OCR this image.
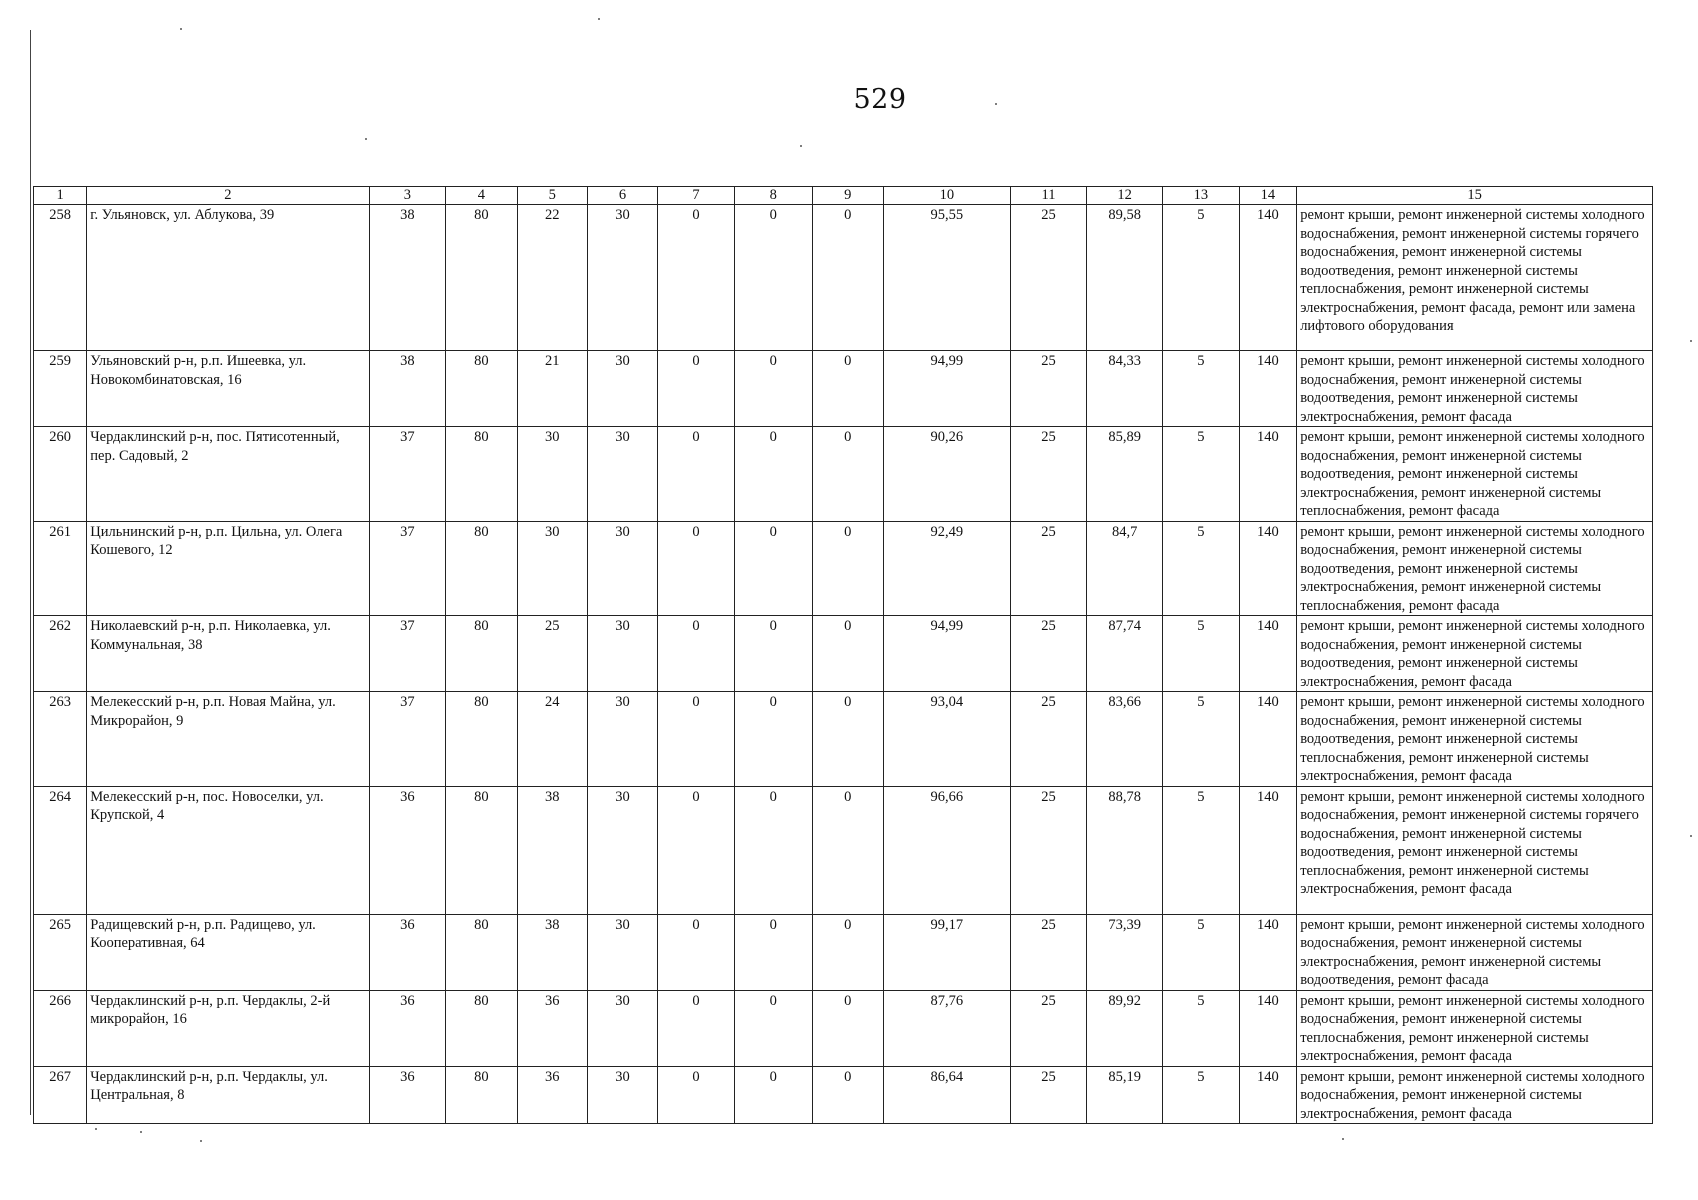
529
1	2	3	4	5	6	7	8	9	10	11	12	13	14	15
258	г. Ульяновск, ул. Аблукова, 39	38	80	22	30	0	0	0	95,55	25	89,58	5	140	ремонт крыши, ремонт инженерной системы холодного водоснабжения, ремонт инженерной системы горячего водоснабжения, ремонт инженерной системы водоотведения, ремонт инженерной системы теплоснабжения, ремонт инженерной системы электроснабжения, ремонт фасада, ремонт или замена лифтового оборудования
259	Ульяновский р-н, р.п. Ишеевка, ул. Новокомбинатовская, 16	38	80	21	30	0	0	0	94,99	25	84,33	5	140	ремонт крыши, ремонт инженерной системы холодного водоснабжения, ремонт инженерной системы водоотведения, ремонт инженерной системы электроснабжения, ремонт фасада
260	Чердаклинский р-н, пос. Пятисотенный, пер. Садовый, 2	37	80	30	30	0	0	0	90,26	25	85,89	5	140	ремонт крыши, ремонт инженерной системы холодного водоснабжения, ремонт инженерной системы водоотведения, ремонт инженерной системы электроснабжения, ремонт инженерной системы теплоснабжения, ремонт фасада
261	Цильнинский р-н, р.п. Цильна, ул. Олега Кошевого, 12	37	80	30	30	0	0	0	92,49	25	84,7	5	140	ремонт крыши, ремонт инженерной системы холодного водоснабжения, ремонт инженерной системы водоотведения, ремонт инженерной системы электроснабжения, ремонт инженерной системы теплоснабжения, ремонт фасада
262	Николаевский р-н, р.п. Николаевка, ул. Коммунальная, 38	37	80	25	30	0	0	0	94,99	25	87,74	5	140	ремонт крыши, ремонт инженерной системы холодного водоснабжения, ремонт инженерной системы водоотведения, ремонт инженерной системы электроснабжения, ремонт фасада
263	Мелекесский р-н, р.п. Новая Майна, ул. Микрорайон, 9	37	80	24	30	0	0	0	93,04	25	83,66	5	140	ремонт крыши, ремонт инженерной системы холодного водоснабжения, ремонт инженерной системы водоотведения, ремонт инженерной системы теплоснабжения, ремонт инженерной системы электроснабжения, ремонт фасада
264	Мелекесский р-н, пос. Новоселки, ул. Крупской, 4	36	80	38	30	0	0	0	96,66	25	88,78	5	140	ремонт крыши, ремонт инженерной системы холодного водоснабжения, ремонт инженерной системы горячего водоснабжения, ремонт инженерной системы водоотведения, ремонт инженерной системы теплоснабжения, ремонт инженерной системы электроснабжения, ремонт фасада
265	Радищевский р-н, р.п. Радищево, ул. Кооперативная, 64	36	80	38	30	0	0	0	99,17	25	73,39	5	140	ремонт крыши, ремонт инженерной системы холодного водоснабжения, ремонт инженерной системы электроснабжения, ремонт инженерной системы водоотведения, ремонт фасада
266	Чердаклинский р-н, р.п. Чердаклы, 2-й микрорайон, 16	36	80	36	30	0	0	0	87,76	25	89,92	5	140	ремонт крыши, ремонт инженерной системы холодного водоснабжения, ремонт инженерной системы теплоснабжения, ремонт инженерной системы электроснабжения, ремонт фасада
267	Чердаклинский р-н, р.п. Чердаклы, ул. Центральная, 8	36	80	36	30	0	0	0	86,64	25	85,19	5	140	ремонт крыши, ремонт инженерной системы холодного водоснабжения, ремонт инженерной системы электроснабжения, ремонт фасада
